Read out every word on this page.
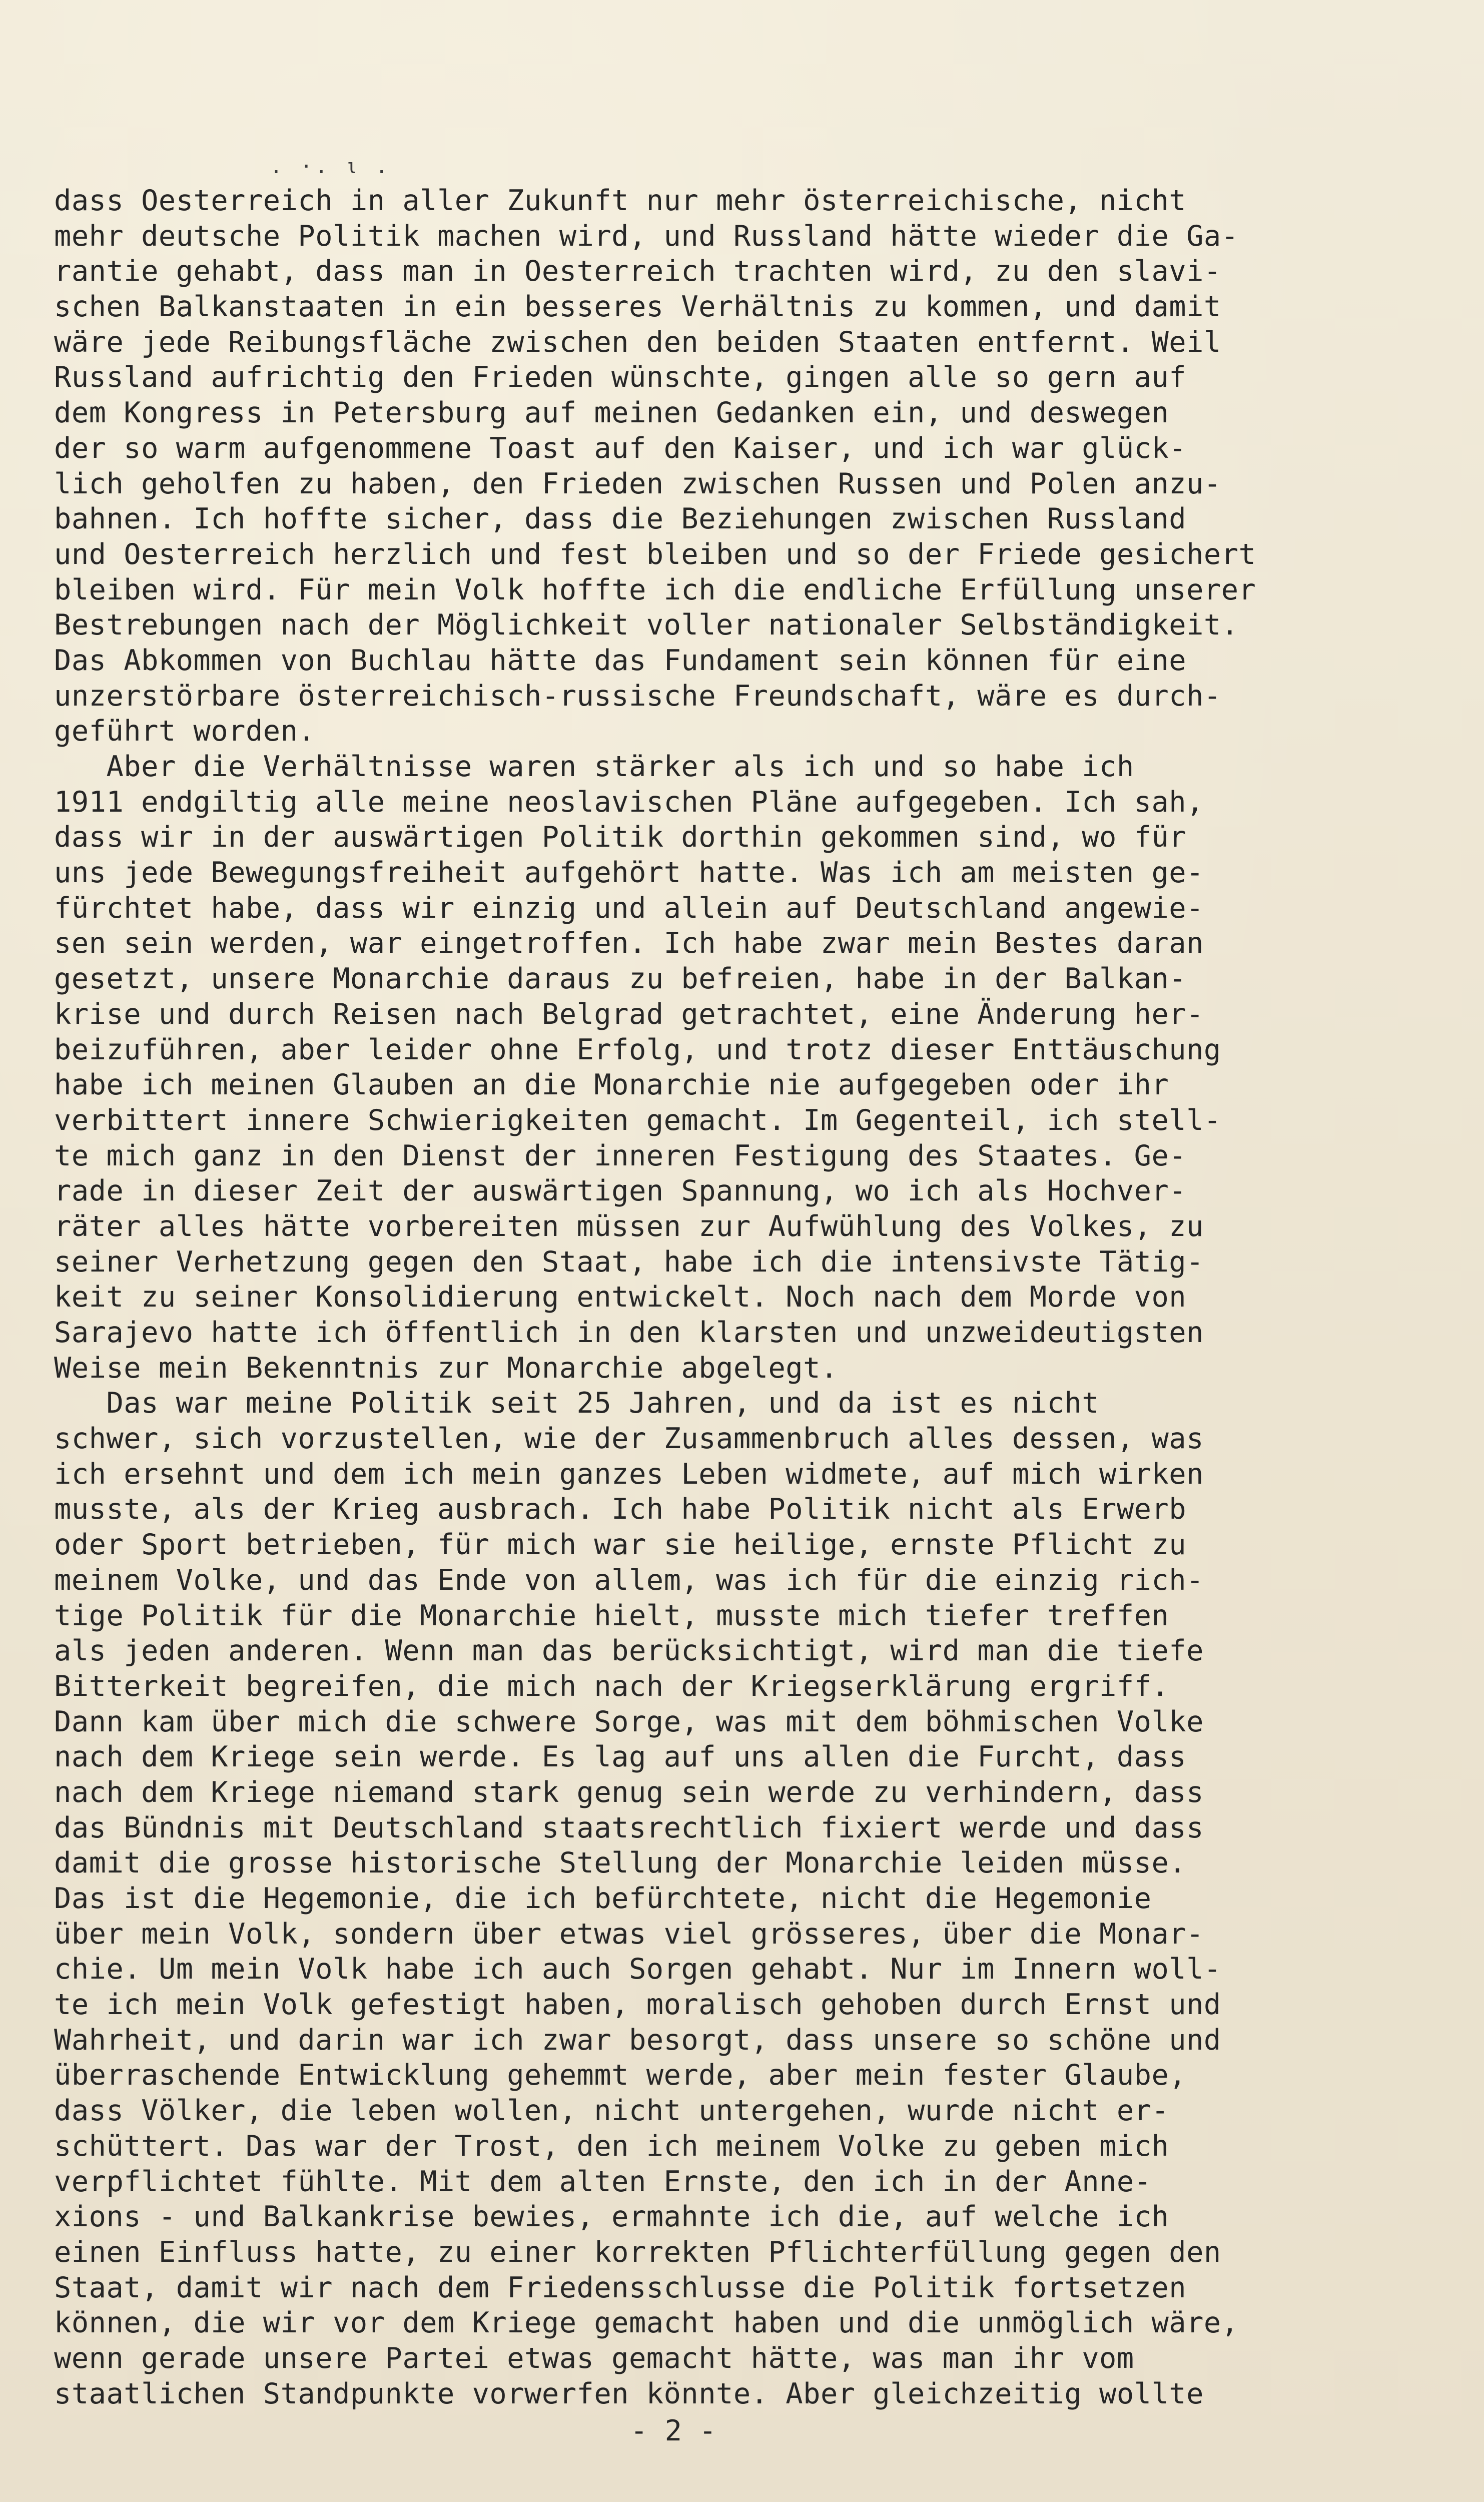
. ·. ι .
dass Oesterreich in aller Zukunft nur mehr österreichische, nicht
mehr deutsche Politik machen wird, und Russland hätte wieder die Ga-
rantie gehabt, dass man in Oesterreich trachten wird, zu den slavi-
schen Balkanstaaten in ein besseres Verhältnis zu kommen, und damit
wäre jede Reibungsfläche zwischen den beiden Staaten entfernt. Weil
Russland aufrichtig den Frieden wünschte, gingen alle so gern auf
dem Kongress in Petersburg auf meinen Gedanken ein, und deswegen
der so warm aufgenommene Toast auf den Kaiser, und ich war glück-
lich geholfen zu haben, den Frieden zwischen Russen und Polen anzu-
bahnen. Ich hoffte sicher, dass die Beziehungen zwischen Russland
und Oesterreich herzlich und fest bleiben und so der Friede gesichert
bleiben wird. Für mein Volk hoffte ich die endliche Erfüllung unserer
Bestrebungen nach der Möglichkeit voller nationaler Selbständigkeit.
Das Abkommen von Buchlau hätte das Fundament sein können für eine
unzerstörbare österreichisch-russische Freundschaft, wäre es durch-
geführt worden.
Aber die Verhältnisse waren stärker als ich und so habe ich
1911 endgiltig alle meine neoslavischen Pläne aufgegeben. Ich sah,
dass wir in der auswärtigen Politik dorthin gekommen sind, wo für
uns jede Bewegungsfreiheit aufgehört hatte. Was ich am meisten ge-
fürchtet habe, dass wir einzig und allein auf Deutschland angewie-
sen sein werden, war eingetroffen. Ich habe zwar mein Bestes daran
gesetzt, unsere Monarchie daraus zu befreien, habe in der Balkan-
krise und durch Reisen nach Belgrad getrachtet, eine Änderung her-
beizuführen, aber leider ohne Erfolg, und trotz dieser Enttäuschung
habe ich meinen Glauben an die Monarchie nie aufgegeben oder ihr
verbittert innere Schwierigkeiten gemacht. Im Gegenteil, ich stell-
te mich ganz in den Dienst der inneren Festigung des Staates. Ge-
rade in dieser Zeit der auswärtigen Spannung, wo ich als Hochver-
räter alles hätte vorbereiten müssen zur Aufwühlung des Volkes, zu
seiner Verhetzung gegen den Staat, habe ich die intensivste Tätig-
keit zu seiner Konsolidierung entwickelt. Noch nach dem Morde von
Sarajevo hatte ich öffentlich in den klarsten und unzweideutigsten
Weise mein Bekenntnis zur Monarchie abgelegt.
Das war meine Politik seit 25 Jahren, und da ist es nicht
schwer, sich vorzustellen, wie der Zusammenbruch alles dessen, was
ich ersehnt und dem ich mein ganzes Leben widmete, auf mich wirken
musste, als der Krieg ausbrach. Ich habe Politik nicht als Erwerb
oder Sport betrieben, für mich war sie heilige, ernste Pflicht zu
meinem Volke, und das Ende von allem, was ich für die einzig rich-
tige Politik für die Monarchie hielt, musste mich tiefer treffen
als jeden anderen. Wenn man das berücksichtigt, wird man die tiefe
Bitterkeit begreifen, die mich nach der Kriegserklärung ergriff.
Dann kam über mich die schwere Sorge, was mit dem böhmischen Volke
nach dem Kriege sein werde. Es lag auf uns allen die Furcht, dass
nach dem Kriege niemand stark genug sein werde zu verhindern, dass
das Bündnis mit Deutschland staatsrechtlich fixiert werde und dass
damit die grosse historische Stellung der Monarchie leiden müsse.
Das ist die Hegemonie, die ich befürchtete, nicht die Hegemonie
über mein Volk, sondern über etwas viel grösseres, über die Monar-
chie. Um mein Volk habe ich auch Sorgen gehabt. Nur im Innern woll-
te ich mein Volk gefestigt haben, moralisch gehoben durch Ernst und
Wahrheit, und darin war ich zwar besorgt, dass unsere so schöne und
überraschende Entwicklung gehemmt werde, aber mein fester Glaube,
dass Völker, die leben wollen, nicht untergehen, wurde nicht er-
schüttert. Das war der Trost, den ich meinem Volke zu geben mich
verpflichtet fühlte. Mit dem alten Ernste, den ich in der Anne-
xions - und Balkankrise bewies, ermahnte ich die, auf welche ich
einen Einfluss hatte, zu einer korrekten Pflichterfüllung gegen den
Staat, damit wir nach dem Friedensschlusse die Politik fortsetzen
können, die wir vor dem Kriege gemacht haben und die unmöglich wäre,
wenn gerade unsere Partei etwas gemacht hätte, was man ihr vom
staatlichen Standpunkte vorwerfen könnte. Aber gleichzeitig wollte
- 2 -
